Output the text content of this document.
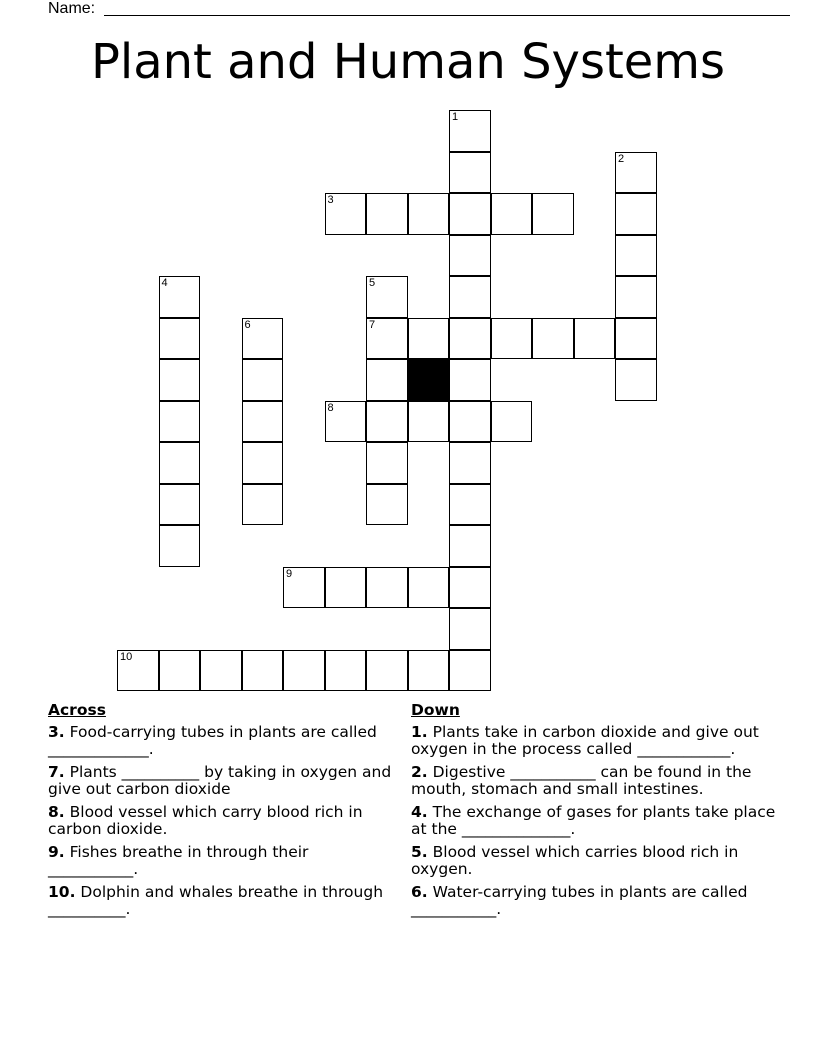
Name:
Plant and Human Systems
1
2
3
4	5
6	7
8
9
10
Across
3. Food-carrying tubes in plants are called _____________.
7. Plants __________ by taking in oxygen and give out carbon dioxide
8. Blood vessel which carry blood rich in carbon dioxide.
9. Fishes breathe in through their ___________.
10. Dolphin and whales breathe in through __________.
Down
1. Plants take in carbon dioxide and give out oxygen in the process called ____________.
2. Digestive ___________ can be found in the mouth, stomach and small intestines.
4. The exchange of gases for plants take place at the ______________.
5. Blood vessel which carries blood rich in oxygen.
6. Water-carrying tubes in plants are called ___________.
